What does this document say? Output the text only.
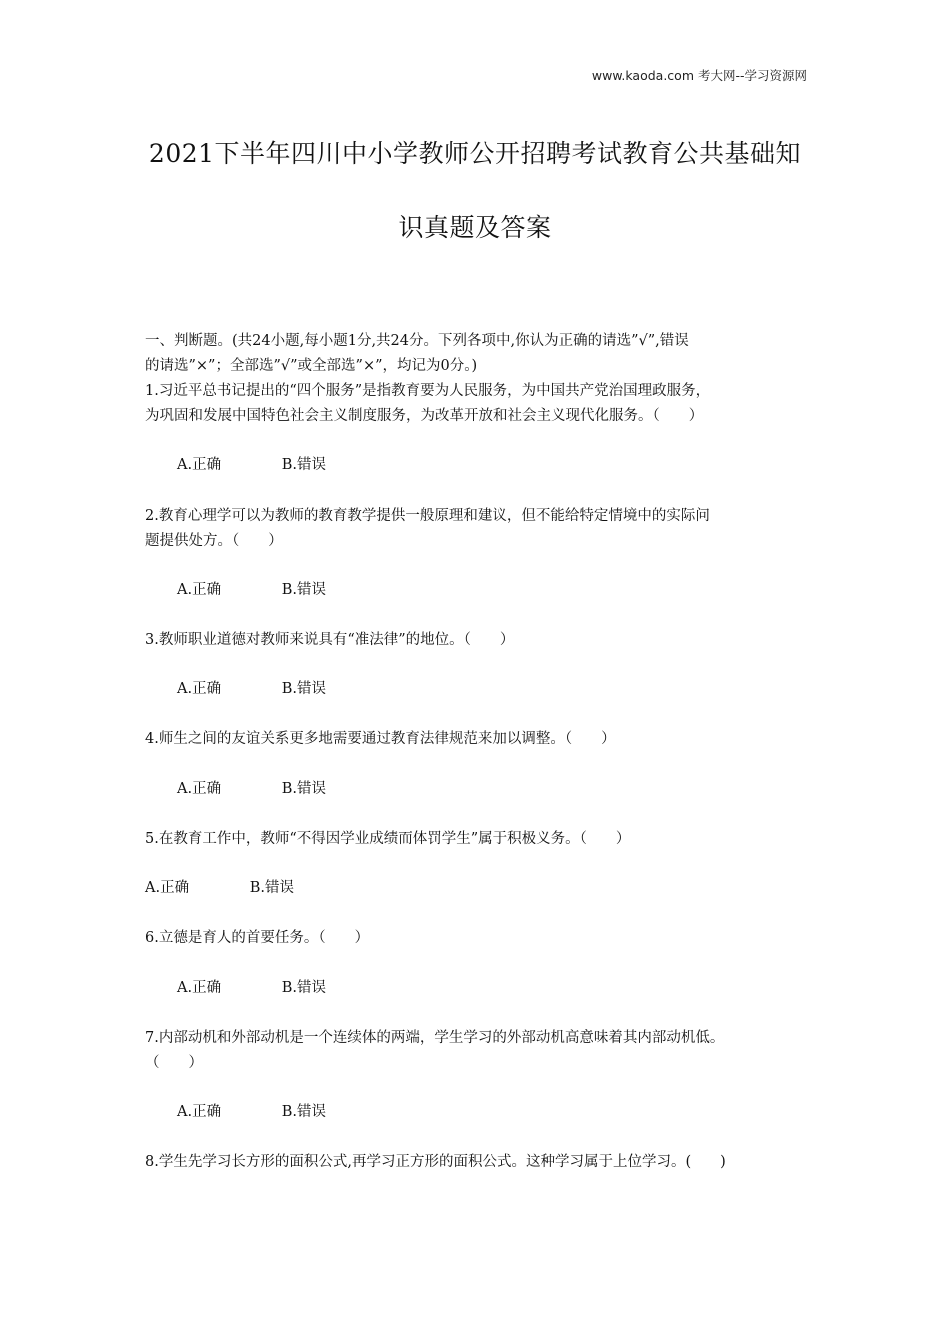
www.kaoda.com 考大网--学习资源网
2021下半年四川中小学教师公开招聘考试教育公共基础知
识真题及答案
一、判断题。(共24小题,每小题1分,共24分。下列各项中,你认为正确的请选”√”,错误
的请选”×”；全部选”√”或全部选”×”，均记为0分。)
1.习近平总书记提出的“四个服务”是指教育要为人民服务，为中国共产党治国理政服务，
为巩固和发展中国特色社会主义制度服务，为改革开放和社会主义现代化服务。（　　）
A.正确	B.错误
2.教育心理学可以为教师的教育教学提供一般原理和建议，但不能给特定情境中的实际问
题提供处方。（　　）
A.正确	B.错误
3.教师职业道德对教师来说具有“准法律”的地位。（　　）
A.正确	B.错误
4.师生之间的友谊关系更多地需要通过教育法律规范来加以调整。（　　）
A.正确	B.错误
5.在教育工作中，教师“不得因学业成绩而体罚学生”属于积极义务。（　　）
A.正确	B.错误
6.立德是育人的首要任务。（　　）
A.正确	B.错误
7.内部动机和外部动机是一个连续体的两端，学生学习的外部动机高意味着其内部动机低。
（　　）
A.正确	B.错误
8.学生先学习长方形的面积公式,再学习正方形的面积公式。这种学习属于上位学习。(　　)
